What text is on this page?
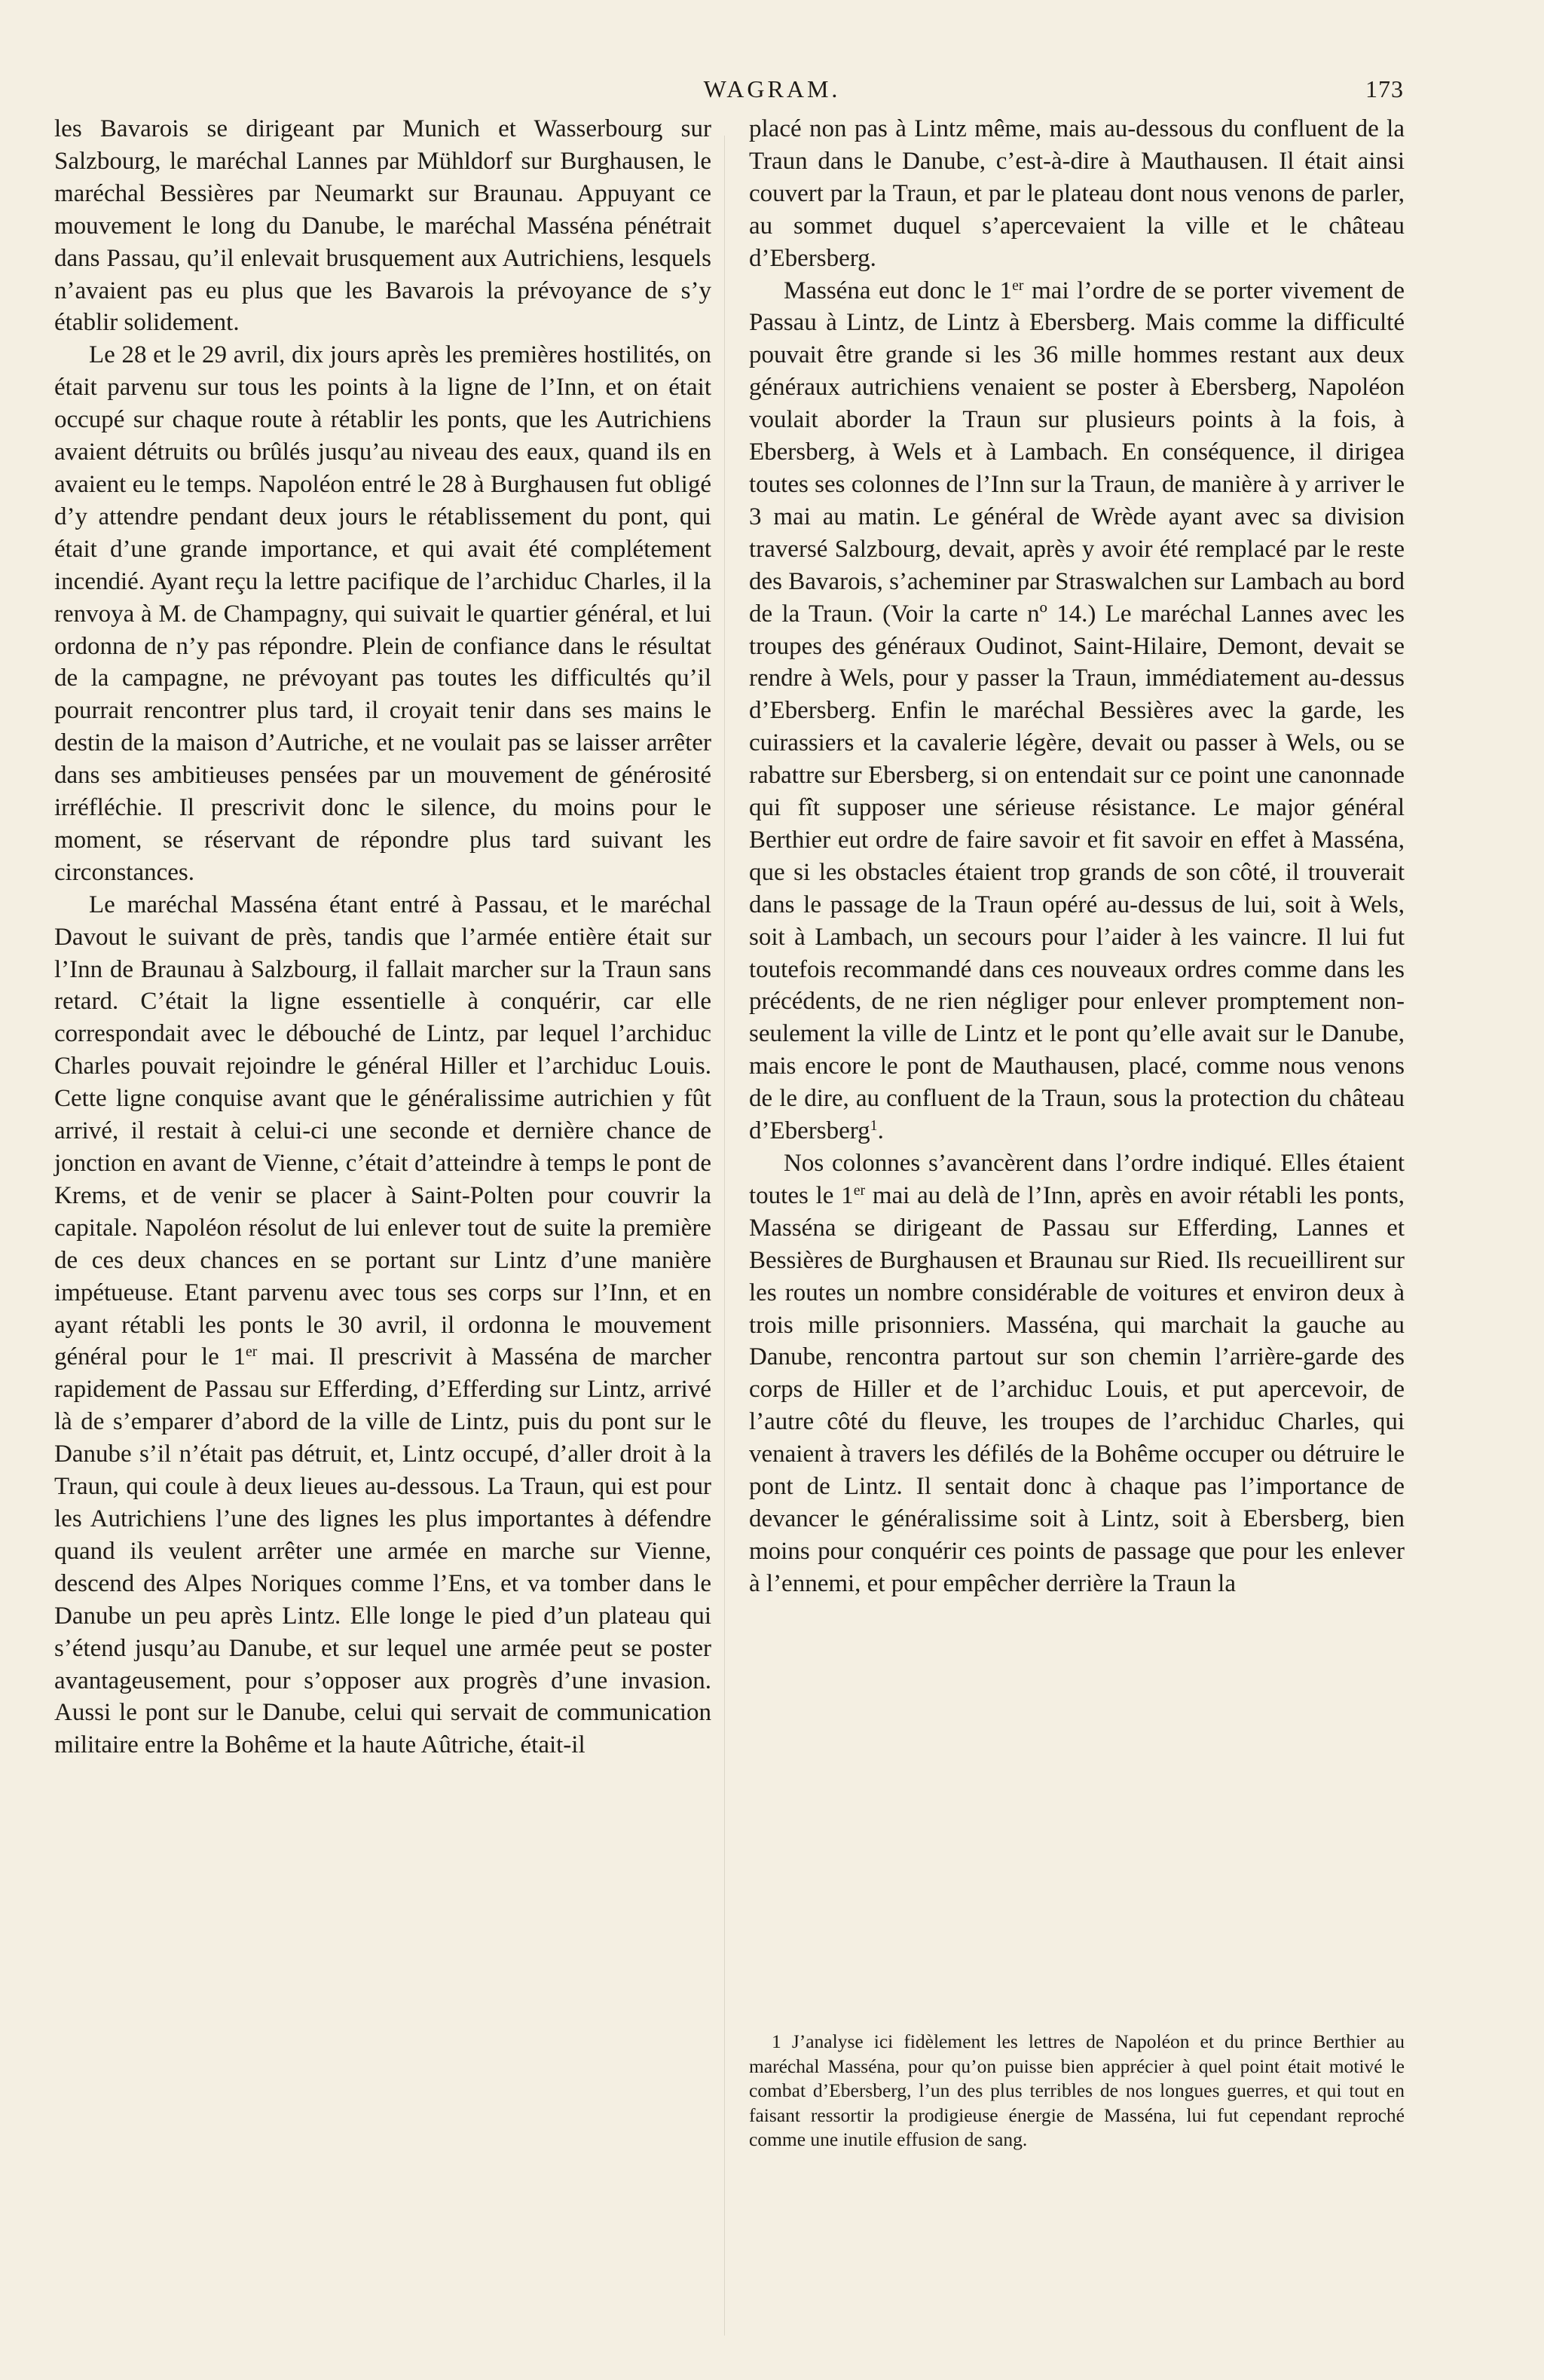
WAGRAM.	173

les Bavarois se dirigeant par Munich et Wasserbourg sur Salzbourg, le maréchal Lannes par Mühldorf sur Burghausen, le maréchal Bessières par Neumarkt sur Braunau. Appuyant ce mouvement le long du Danube, le maréchal Masséna pénétrait dans Passau, qu’il enlevait brusquement aux Autrichiens, lesquels n’avaient pas eu plus que les Bavarois la prévoyance de s’y établir solidement.

Le 28 et le 29 avril, dix jours après les premières hostilités, on était parvenu sur tous les points à la ligne de l’Inn, et on était occupé sur chaque route à rétablir les ponts, que les Autrichiens avaient détruits ou brûlés jusqu’au niveau des eaux, quand ils en avaient eu le temps. Napoléon entré le 28 à Burghausen fut obligé d’y attendre pendant deux jours le rétablissement du pont, qui était d’une grande importance, et qui avait été complétement incendié. Ayant reçu la lettre pacifique de l’archiduc Charles, il la renvoya à M. de Champagny, qui suivait le quartier général, et lui ordonna de n’y pas répondre. Plein de confiance dans le résultat de la campagne, ne prévoyant pas toutes les difficultés qu’il pourrait rencontrer plus tard, il croyait tenir dans ses mains le destin de la maison d’Autriche, et ne voulait pas se laisser arrêter dans ses ambitieuses pensées par un mouvement de générosité irréfléchie. Il prescrivit donc le silence, du moins pour le moment, se réservant de répondre plus tard suivant les circonstances.

Le maréchal Masséna étant entré à Passau, et le maréchal Davout le suivant de près, tandis que l’armée entière était sur l’Inn de Braunau à Salzbourg, il fallait marcher sur la Traun sans retard. C’était la ligne essentielle à conquérir, car elle correspondait avec le débouché de Lintz, par lequel l’archiduc Charles pouvait rejoindre le général Hiller et l’archiduc Louis. Cette ligne conquise avant que le généralissime autrichien y fût arrivé, il restait à celui-ci une seconde et dernière chance de jonction en avant de Vienne, c’était d’atteindre à temps le pont de Krems, et de venir se placer à Saint-Polten pour couvrir la capitale. Napoléon résolut de lui enlever tout de suite la première de ces deux chances en se portant sur Lintz d’une manière impétueuse. Etant parvenu avec tous ses corps sur l’Inn, et en ayant rétabli les ponts le 30 avril, il ordonna le mouvement général pour le 1er mai. Il prescrivit à Masséna de marcher rapidement de Passau sur Efferding, d’Efferding sur Lintz, arrivé là de s’emparer d’abord de la ville de Lintz, puis du pont sur le Danube s’il n’était pas détruit, et, Lintz occupé, d’aller droit à la Traun, qui coule à deux lieues au-dessous. La Traun, qui est pour les Autrichiens l’une des lignes les plus importantes à défendre quand ils veulent arrêter une armée en marche sur Vienne, descend des Alpes Noriques comme l’Ens, et va tomber dans le Danube un peu après Lintz. Elle longe le pied d’un plateau qui s’étend jusqu’au Danube, et sur lequel une armée peut se poster avantageusement, pour s’opposer aux progrès d’une invasion. Aussi le pont sur le Danube, celui qui servait de communication militaire entre la Bohême et la haute Aûtriche, était-il

placé non pas à Lintz même, mais au-dessous du confluent de la Traun dans le Danube, c’est-à-dire à Mauthausen. Il était ainsi couvert par la Traun, et par le plateau dont nous venons de parler, au sommet duquel s’apercevaient la ville et le château d’Ebersberg.

Masséna eut donc le 1er mai l’ordre de se porter vivement de Passau à Lintz, de Lintz à Ebersberg. Mais comme la difficulté pouvait être grande si les 36 mille hommes restant aux deux généraux autrichiens venaient se poster à Ebersberg, Napoléon voulait aborder la Traun sur plusieurs points à la fois, à Ebersberg, à Wels et à Lambach. En conséquence, il dirigea toutes ses colonnes de l’Inn sur la Traun, de manière à y arriver le 3 mai au matin. Le général de Wrède ayant avec sa division traversé Salzbourg, devait, après y avoir été remplacé par le reste des Bavarois, s’acheminer par Straswalchen sur Lambach au bord de la Traun. (Voir la carte nº 14.) Le maréchal Lannes avec les troupes des généraux Oudinot, Saint-Hilaire, Demont, devait se rendre à Wels, pour y passer la Traun, immédiatement au-dessus d’Ebersberg. Enfin le maréchal Bessières avec la garde, les cuirassiers et la cavalerie légère, devait ou passer à Wels, ou se rabattre sur Ebersberg, si on entendait sur ce point une canonnade qui fît supposer une sérieuse résistance. Le major général Berthier eut ordre de faire savoir et fit savoir en effet à Masséna, que si les obstacles étaient trop grands de son côté, il trouverait dans le passage de la Traun opéré au-dessus de lui, soit à Wels, soit à Lambach, un secours pour l’aider à les vaincre. Il lui fut toutefois recommandé dans ces nouveaux ordres comme dans les précédents, de ne rien négliger pour enlever promptement non-seulement la ville de Lintz et le pont qu’elle avait sur le Danube, mais encore le pont de Mauthausen, placé, comme nous venons de le dire, au confluent de la Traun, sous la protection du château d’Ebersberg$^1$.

Nos colonnes s’avancèrent dans l’ordre indiqué. Elles étaient toutes le 1er mai au delà de l’Inn, après en avoir rétabli les ponts, Masséna se dirigeant de Passau sur Efferding, Lannes et Bessières de Burghausen et Braunau sur Ried. Ils recueillirent sur les routes un nombre considérable de voitures et environ deux à trois mille prisonniers. Masséna, qui marchait la gauche au Danube, rencontra partout sur son chemin l’arrière-garde des corps de Hiller et de l’archiduc Louis, et put apercevoir, de l’autre côté du fleuve, les troupes de l’archiduc Charles, qui venaient à travers les défilés de la Bohême occuper ou détruire le pont de Lintz. Il sentait donc à chaque pas l’importance de devancer le généralissime soit à Lintz, soit à Ebersberg, bien moins pour conquérir ces points de passage que pour les enlever à l’ennemi, et pour empêcher derrière la Traun la

1 J’analyse ici fidèlement les lettres de Napoléon et du prince Berthier au maréchal Masséna, pour qu’on puisse bien apprécier à quel point était motivé le combat d’Ebersberg, l’un des plus terribles de nos longues guerres, et qui tout en faisant ressortir la prodigieuse énergie de Masséna, lui fut cependant reproché comme une inutile effusion de sang.
